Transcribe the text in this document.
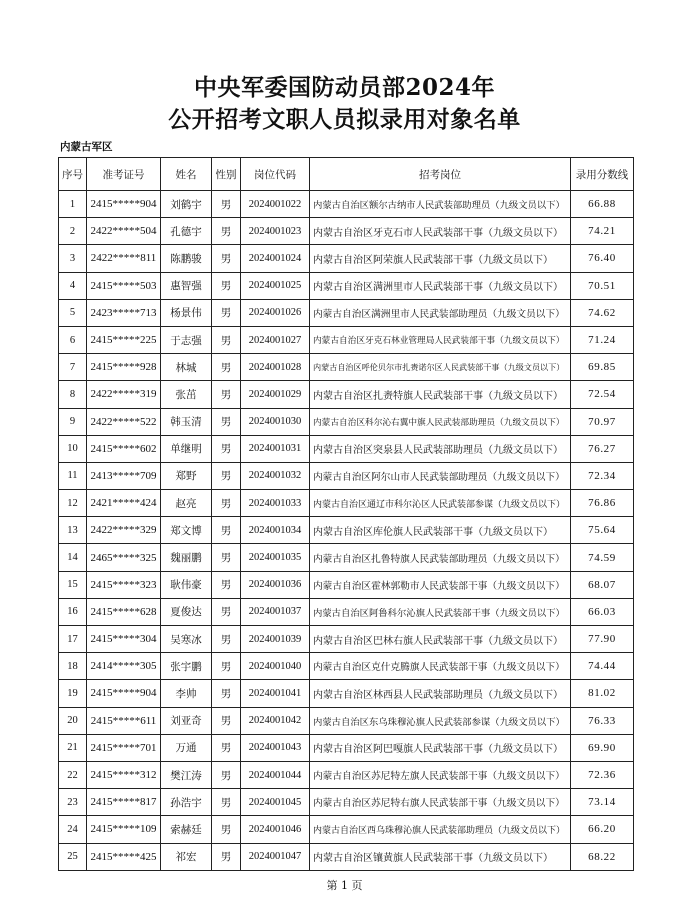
中央军委国防动员部2024年
公开招考文职人员拟录用对象名单
内蒙古军区
序号	准考证号	姓名	性别	岗位代码	招考岗位	录用分数线
1	2415*****904	刘鹤宇	男	2024001022	内蒙古自治区额尔古纳市人民武装部助理员（九级文员以下）	66.88
2	2422*****504	孔德宇	男	2024001023	内蒙古自治区牙克石市人民武装部干事（九级文员以下）	74.21
3	2422*****811	陈鹏骏	男	2024001024	内蒙古自治区阿荣旗人民武装部干事（九级文员以下）	76.40
4	2415*****503	惠智强	男	2024001025	内蒙古自治区满洲里市人民武装部干事（九级文员以下）	70.51
5	2423*****713	杨景伟	男	2024001026	内蒙古自治区满洲里市人民武装部助理员（九级文员以下）	74.62
6	2415*****225	于志强	男	2024001027	内蒙古自治区牙克石林业管理局人民武装部干事（九级文员以下）	71.24
7	2415*****928	林城	男	2024001028	内蒙古自治区呼伦贝尔市扎赉诺尔区人民武装部干事（九级文员以下）	69.85
8	2422*****319	张茁	男	2024001029	内蒙古自治区扎赉特旗人民武装部干事（九级文员以下）	72.54
9	2422*****522	韩玉清	男	2024001030	内蒙古自治区科尔沁右翼中旗人民武装部助理员（九级文员以下）	70.97
10	2415*****602	单继明	男	2024001031	内蒙古自治区突泉县人民武装部助理员（九级文员以下）	76.27
11	2413*****709	郑野	男	2024001032	内蒙古自治区阿尔山市人民武装部助理员（九级文员以下）	72.34
12	2421*****424	赵亮	男	2024001033	内蒙古自治区通辽市科尔沁区人民武装部参谋（九级文员以下）	76.86
13	2422*****329	郑文博	男	2024001034	内蒙古自治区库伦旗人民武装部干事（九级文员以下）	75.64
14	2465*****325	魏丽鹏	男	2024001035	内蒙古自治区扎鲁特旗人民武装部助理员（九级文员以下）	74.59
15	2415*****323	耿伟豪	男	2024001036	内蒙古自治区霍林郭勒市人民武装部干事（九级文员以下）	68.07
16	2415*****628	夏俊达	男	2024001037	内蒙古自治区阿鲁科尔沁旗人民武装部干事（九级文员以下）	66.03
17	2415*****304	吴寒冰	男	2024001039	内蒙古自治区巴林右旗人民武装部干事（九级文员以下）	77.90
18	2414*****305	张宇鹏	男	2024001040	内蒙古自治区克什克腾旗人民武装部干事（九级文员以下）	74.44
19	2415*****904	李帅	男	2024001041	内蒙古自治区林西县人民武装部助理员（九级文员以下）	81.02
20	2415*****611	刘亚奇	男	2024001042	内蒙古自治区东乌珠穆沁旗人民武装部参谋（九级文员以下）	76.33
21	2415*****701	万通	男	2024001043	内蒙古自治区阿巴嘎旗人民武装部干事（九级文员以下）	69.90
22	2415*****312	樊江涛	男	2024001044	内蒙古自治区苏尼特左旗人民武装部干事（九级文员以下）	72.36
23	2415*****817	孙浩宇	男	2024001045	内蒙古自治区苏尼特右旗人民武装部干事（九级文员以下）	73.14
24	2415*****109	索赫廷	男	2024001046	内蒙古自治区西乌珠穆沁旗人民武装部助理员（九级文员以下）	66.20
25	2415*****425	祁宏	男	2024001047	内蒙古自治区镶黄旗人民武装部干事（九级文员以下）	68.22
第 1 页
